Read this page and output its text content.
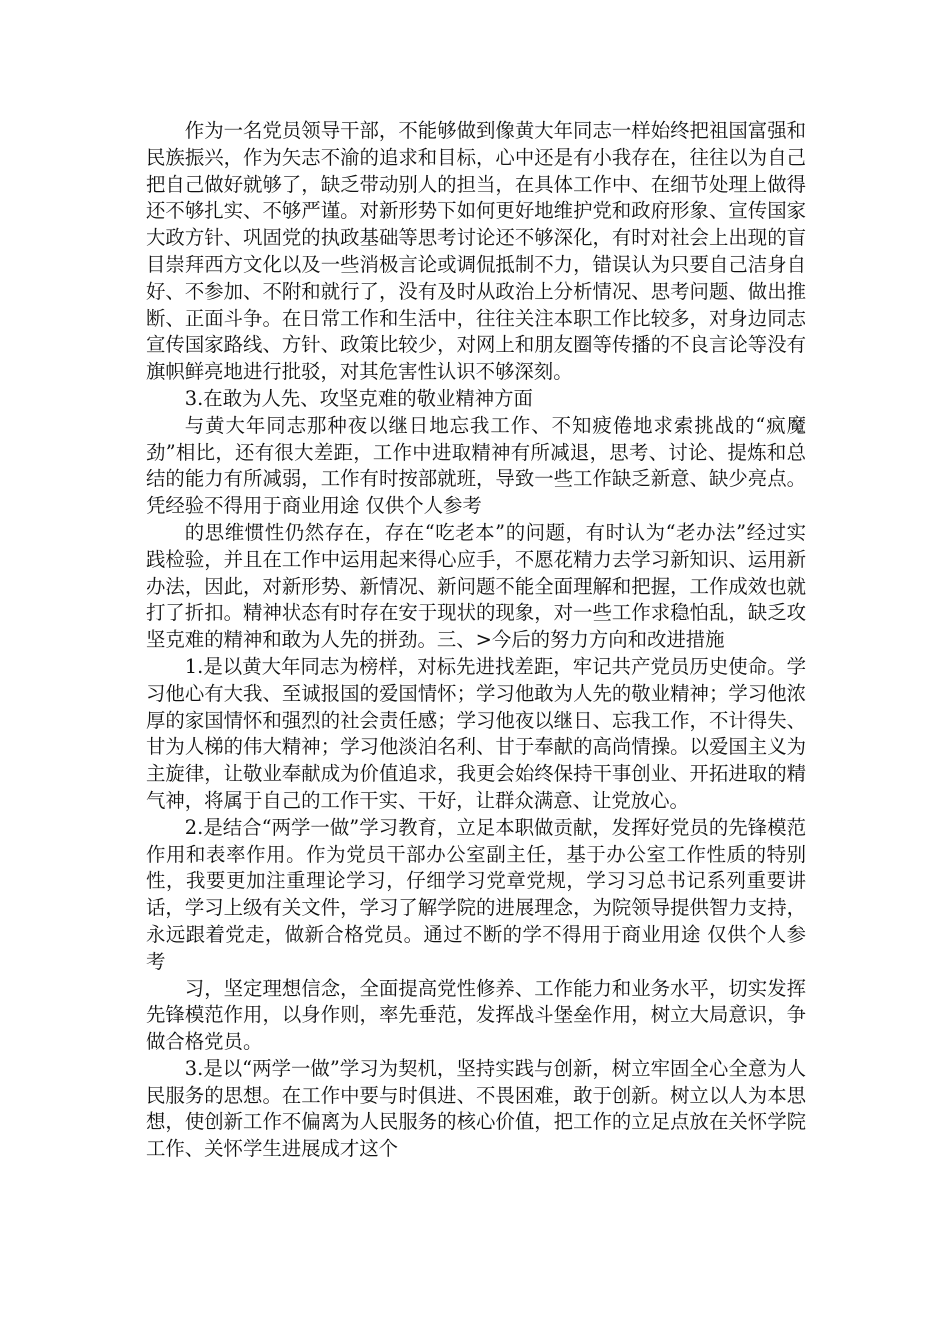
作为一名党员领导干部，不能够做到像黄大年同志一样始终把祖国富强和民族振兴，作为矢志不渝的追求和目标，心中还是有小我存在，往往以为自己把自己做好就够了，缺乏带动别人的担当，在具体工作中、在细节处理上做得还不够扎实、不够严谨。对新形势下如何更好地维护党和政府形象、宣传国家大政方针、巩固党的执政基础等思考讨论还不够深化，有时对社会上出现的盲目崇拜西方文化以及一些消极言论或调侃抵制不力，错误认为只要自己洁身自好、不参加、不附和就行了，没有及时从政治上分析情况、思考问题、做出推断、正面斗争。在日常工作和生活中，往往关注本职工作比较多，对身边同志宣传国家路线、方针、政策比较少，对网上和朋友圈等传播的不良言论等没有旗帜鲜亮地进行批驳，对其危害性认识不够深刻。

3.在敢为人先、攻坚克难的敬业精神方面

与黄大年同志那种夜以继日地忘我工作、不知疲倦地求索挑战的“疯魔劲”相比，还有很大差距，工作中进取精神有所减退，思考、讨论、提炼和总结的能力有所减弱，工作有时按部就班，导致一些工作缺乏新意、缺少亮点。凭经验不得用于商业用途 仅供个人参考

的思维惯性仍然存在，存在“吃老本”的问题，有时认为“老办法”经过实践检验，并且在工作中运用起来得心应手，不愿花精力去学习新知识、运用新办法，因此，对新形势、新情况、新问题不能全面理解和把握，工作成效也就打了折扣。精神状态有时存在安于现状的现象，对一些工作求稳怕乱，缺乏攻坚克难的精神和敢为人先的拼劲。三、>今后的努力方向和改进措施

1.是以黄大年同志为榜样，对标先进找差距，牢记共产党员历史使命。学习他心有大我、至诚报国的爱国情怀；学习他敢为人先的敬业精神；学习他浓厚的家国情怀和强烈的社会责任感；学习他夜以继日、忘我工作，不计得失、甘为人梯的伟大精神；学习他淡泊名利、甘于奉献的高尚情操。以爱国主义为主旋律，让敬业奉献成为价值追求，我更会始终保持干事创业、开拓进取的精气神，将属于自己的工作干实、干好，让群众满意、让党放心。

2.是结合“两学一做”学习教育，立足本职做贡献，发挥好党员的先锋模范作用和表率作用。作为党员干部办公室副主任，基于办公室工作性质的特别性，我要更加注重理论学习，仔细学习党章党规，学习习总书记系列重要讲话，学习上级有关文件，学习了解学院的进展理念，为院领导提供智力支持，永远跟着党走，做新合格党员。通过不断的学不得用于商业用途 仅供个人参考

习，坚定理想信念，全面提高党性修养、工作能力和业务水平，切实发挥先锋模范作用，以身作则，率先垂范，发挥战斗堡垒作用，树立大局意识，争做合格党员。

3.是以“两学一做”学习为契机，坚持实践与创新，树立牢固全心全意为人民服务的思想。在工作中要与时俱进、不畏困难，敢于创新。树立以人为本思想，使创新工作不偏离为人民服务的核心价值，把工作的立足点放在关怀学院工作、关怀学生进展成才这个
